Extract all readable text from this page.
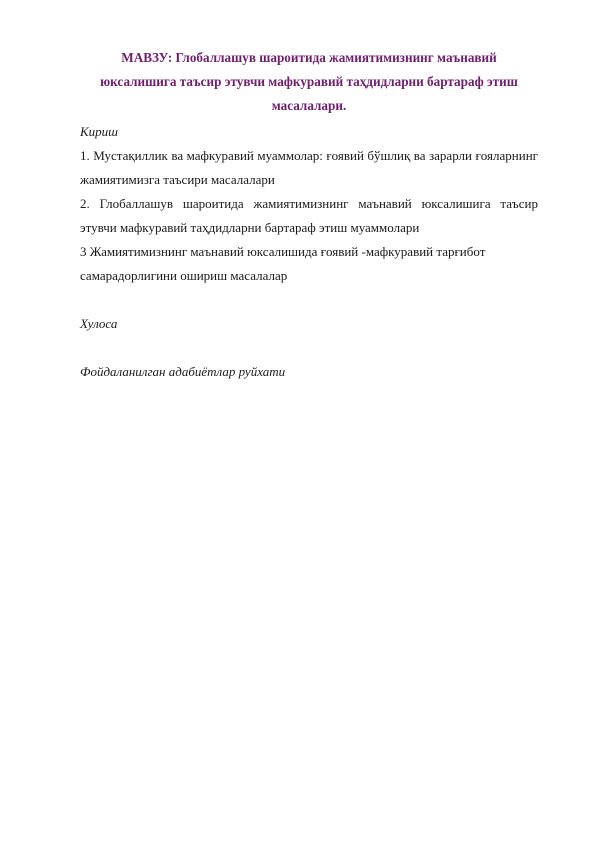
МАВЗУ: Глобаллашув шароитида жамиятимизнинг маънавий
юксалишига таъсир этувчи мафкуравий таҳдидларни бартараф этиш
масалалари.

Кириш

1. Мустақиллик ва мафкуравий муаммолар: ғоявий бўшлиқ ва зарарли ғояларнинг жамиятимизга таъсири масалалари

2. Глобаллашув шароитида жамиятимизнинг маънавий юксалишига таъсир этувчи мафкуравий таҳдидларни бартараф этиш муаммолари

3 Жамиятимизнинг маънавий юксалишида ғоявий -мафкуравий тарғибот
самарадорлигини ошириш масалалар

Хулоса

Фойдаланилган адабиётлар руйхати
